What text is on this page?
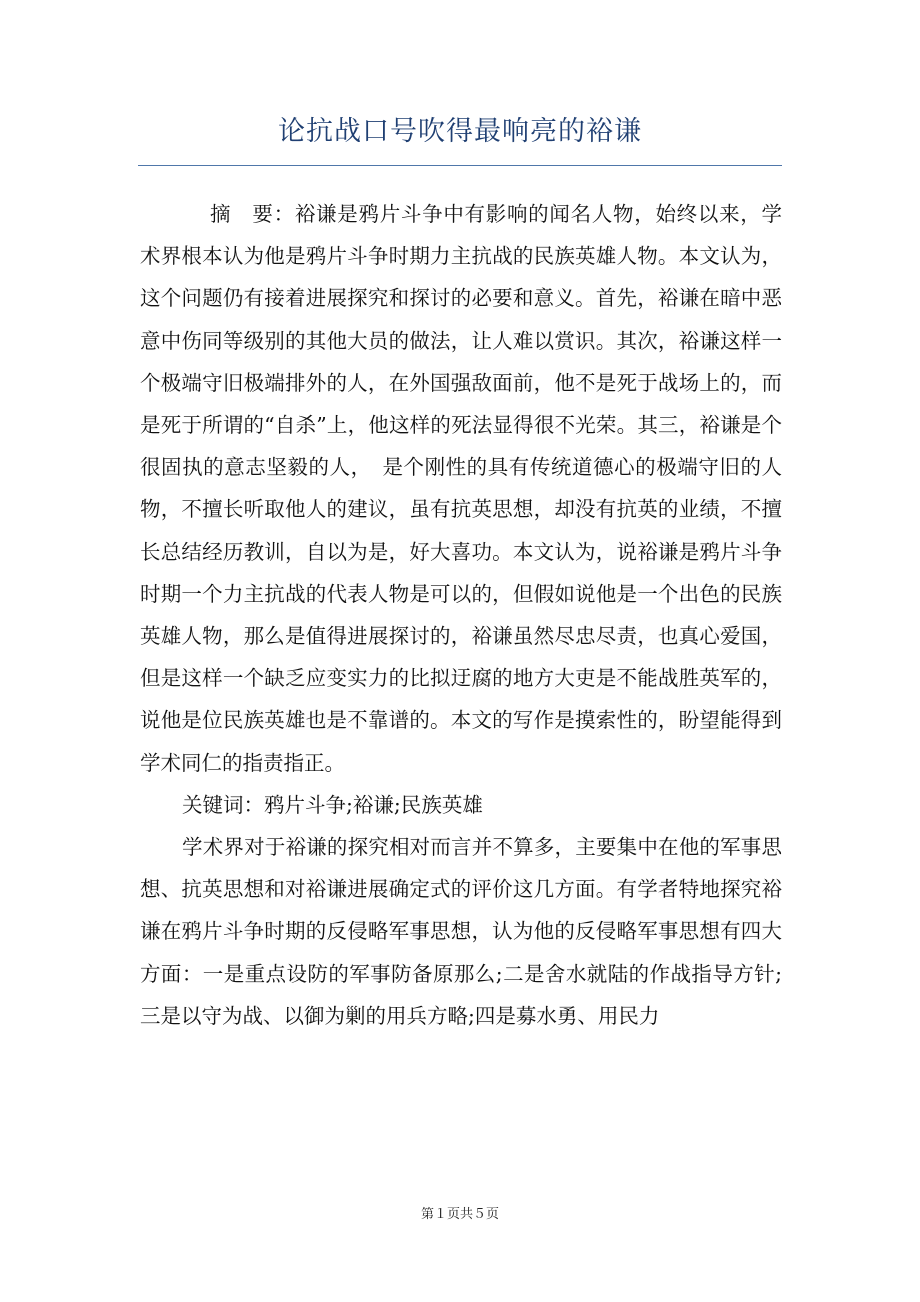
论抗战口号吹得最响亮的裕谦

摘　要：裕谦是鸦片斗争中有影响的闻名人物，始终以来，学术界根本认为他是鸦片斗争时期力主抗战的民族英雄人物。本文认为，这个问题仍有接着进展探究和探讨的必要和意义。首先，裕谦在暗中恶意中伤同等级别的其他大员的做法，让人难以赏识。其次，裕谦这样一个极端守旧极端排外的人，在外国强敌面前，他不是死于战场上的，而是死于所谓的“自杀”上，他这样的死法显得很不光荣。其三，裕谦是个很固执的意志坚毅的人，　是个刚性的具有传统道德心的极端守旧的人物，不擅长听取他人的建议，虽有抗英思想，却没有抗英的业绩，不擅长总结经历教训，自以为是，好大喜功。本文认为，说裕谦是鸦片斗争时期一个力主抗战的代表人物是可以的，但假如说他是一个出色的民族英雄人物，那么是值得进展探讨的，裕谦虽然尽忠尽责，也真心爱国，但是这样一个缺乏应变实力的比拟迂腐的地方大吏是不能战胜英军的，说他是位民族英雄也是不靠谱的。本文的写作是摸索性的，盼望能得到学术同仁的指责指正。

关键词：鸦片斗争;裕谦;民族英雄

学术界对于裕谦的探究相对而言并不算多，主要集中在他的军事思想、抗英思想和对裕谦进展确定式的评价这几方面。有学者特地探究裕谦在鸦片斗争时期的反侵略军事思想，认为他的反侵略军事思想有四大方面：一是重点设防的军事防备原那么;二是舍水就陆的作战指导方针;三是以守为战、以御为剿的用兵方略;四是募水勇、用民力

第１页共５页
